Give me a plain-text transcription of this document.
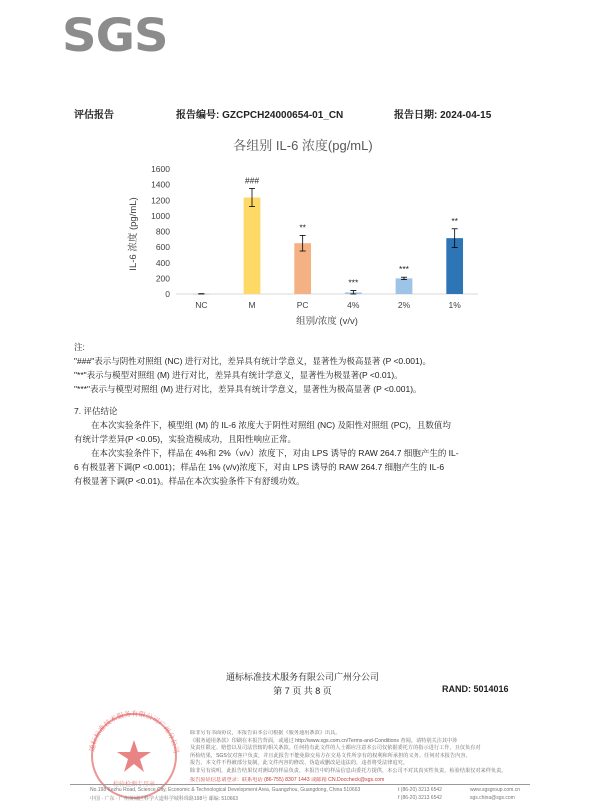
SGS
评估报告	报告编号: GZCPCH24000654-01_CN	报告日期: 2024-04-15
各组别 IL-6 浓度(pg/mL)
0
200
400
600
800
1000
1200
1400
1600
###
**
***
***
**
NC	M	PC	4%	2%	1%
IL-6 浓度 (pg/mL)
组别/浓度 (v/v)
注:
"###"表示与阴性对照组 (NC) 进行对比，差异具有统计学意义，显著性为极高显著 (P <0.001)。
"**"表示与模型对照组 (M) 进行对比，差异具有统计学意义，显著性为极显著(P <0.01)。
"***"表示与模型对照组 (M) 进行对比，差异具有统计学意义，显著性为极高显著 (P <0.001)。

7. 评估结论

在本次实验条件下，模型组 (M) 的 IL-6 浓度大于阴性对照组 (NC) 及阳性对照组 (PC)，且数值均

有统计学差异(P <0.05)，实验造模成功，且阳性响应正常。

在本次实验条件下，样品在 4%和 2%（v/v）浓度下，对由 LPS 诱导的 RAW 264.7 细胞产生的 IL-

6 有极显著下调(P <0.001)；样品在 1% (v/v)浓度下，对由 LPS 诱导的 RAW 264.7 细胞产生的 IL-6

有极显著下调(P <0.01)。样品在本次实验条件下有舒缓功效。

通标标准技术服务有限公司广州分公司
第 7 页 共 8 页	RAND: 5014016
通标标准技术服务有限公司广州分公司
检验检测专用章
除非另有书面协议，本报告由本公司根据《服务通用条款》出具。
《服务通用条款》印刷在本报告背面，或通过 http://www.sgs.com.cn/Terms-and-Conditions 查阅。请特别关注其中涉
及责任限定、赔偿以及司法管辖的相关条款。任何持有此文件的人士都应注意本公司仅依据委托方的指示进行工作，且仅负有对
所检结果，SGS仅对客户负责，并且此报告不能免除交易方在交易文件所享有的权利和所承担的义务。任何对本报告内容、
报告，本文件不得被部分复制。此文件内容的修改、伪造或删改是违法的，违者将受法律追究。
除非另有说明，此报告结果仅对测试的样品负责，本报告中的样品信息由委托方提供，本公司不对其真实性负责，检验结果仅对来样负责。
报告验证信息请登录：联系电话 (86-755) 8307 1443 或邮箱 CN.Doccheck@sgs.com
No.198 Kezhu Road, Science City, Economic & Technological Development Area, Guangzhou, Guangdong, China 510663
中国 · 广东 · 广州黄埔区科学大道科学城科珠路198号 邮编: 510663
t (86-20) 3213 6542
f (86-20) 3213 6542
www.sgsgroup.com.cn
sgs.china@sgs.com
